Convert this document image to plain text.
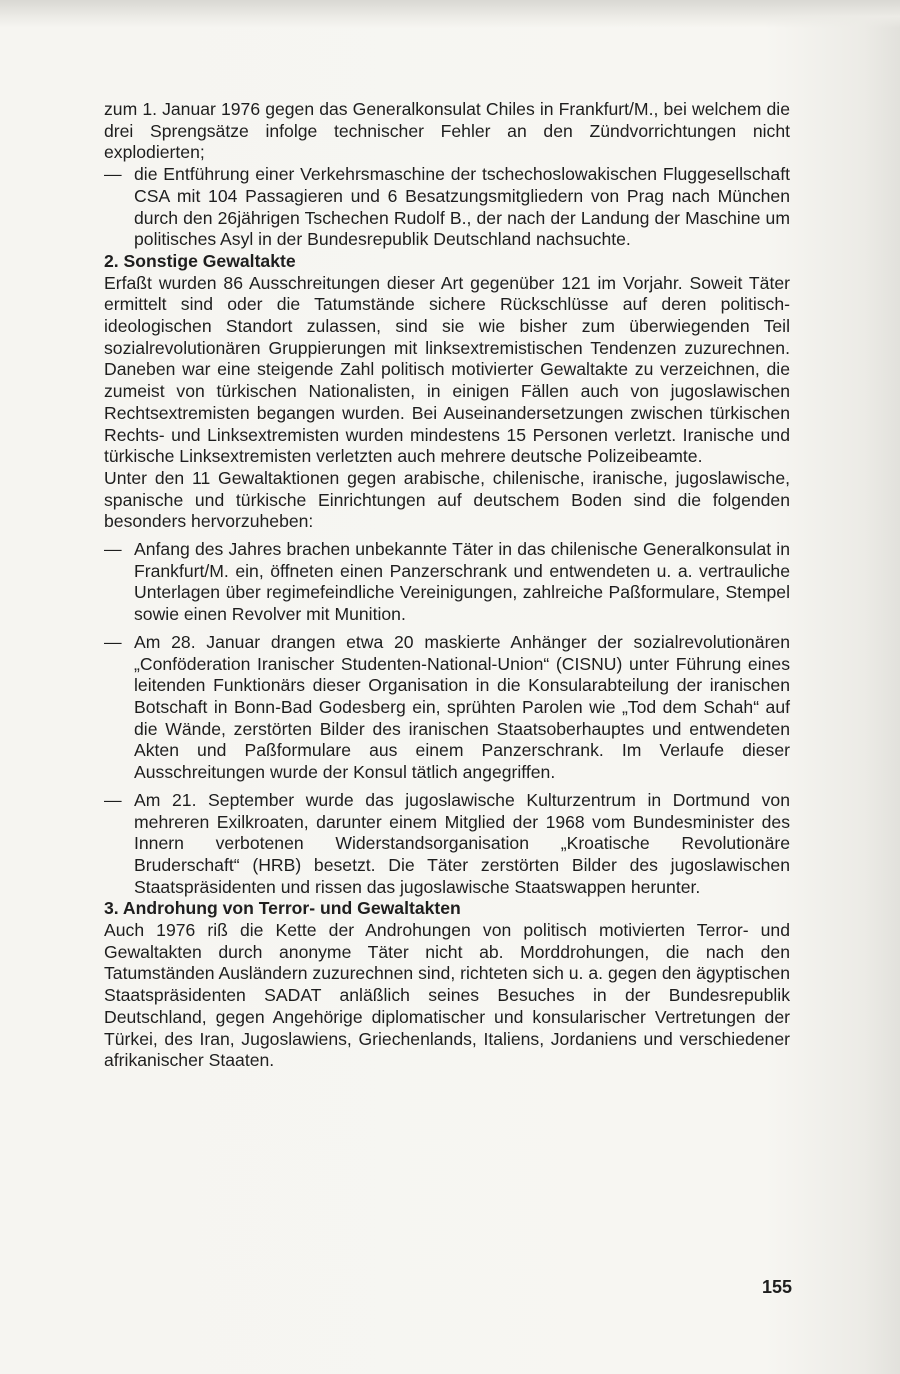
zum 1. Januar 1976 gegen das Generalkonsulat Chiles in Frankfurt/M., bei welchem die drei Sprengsätze infolge technischer Fehler an den Zündvorrichtungen nicht explodierten;

— die Entführung einer Verkehrsmaschine der tschechoslowakischen Fluggesellschaft CSA mit 104 Passagieren und 6 Besatzungsmitgliedern von Prag nach München durch den 26jährigen Tschechen Rudolf B., der nach der Landung der Maschine um politisches Asyl in der Bundesrepublik Deutschland nachsuchte.

2. Sonstige Gewaltakte

Erfaßt wurden 86 Ausschreitungen dieser Art gegenüber 121 im Vorjahr. Soweit Täter ermittelt sind oder die Tatumstände sichere Rückschlüsse auf deren politisch-ideologischen Standort zulassen, sind sie wie bisher zum überwiegenden Teil sozialrevolutionären Gruppierungen mit linksextremistischen Tendenzen zuzurechnen. Daneben war eine steigende Zahl politisch motivierter Gewaltakte zu verzeichnen, die zumeist von türkischen Nationalisten, in einigen Fällen auch von jugoslawischen Rechtsextremisten begangen wurden. Bei Auseinandersetzungen zwischen türkischen Rechts- und Linksextremisten wurden mindestens 15 Personen verletzt. Iranische und türkische Linksextremisten verletzten auch mehrere deutsche Polizeibeamte.

Unter den 11 Gewaltaktionen gegen arabische, chilenische, iranische, jugoslawische, spanische und türkische Einrichtungen auf deutschem Boden sind die folgenden besonders hervorzuheben:

— Anfang des Jahres brachen unbekannte Täter in das chilenische Generalkonsulat in Frankfurt/M. ein, öffneten einen Panzerschrank und entwendeten u. a. vertrauliche Unterlagen über regimefeindliche Vereinigungen, zahlreiche Paßformulare, Stempel sowie einen Revolver mit Munition.

— Am 28. Januar drangen etwa 20 maskierte Anhänger der sozialrevolutionären „Conföderation Iranischer Studenten-National-Union“ (CISNU) unter Führung eines leitenden Funktionärs dieser Organisation in die Konsularabteilung der iranischen Botschaft in Bonn-Bad Godesberg ein, sprühten Parolen wie „Tod dem Schah“ auf die Wände, zerstörten Bilder des iranischen Staatsoberhauptes und entwendeten Akten und Paßformulare aus einem Panzerschrank. Im Verlaufe dieser Ausschreitungen wurde der Konsul tätlich angegriffen.

— Am 21. September wurde das jugoslawische Kulturzentrum in Dortmund von mehreren Exilkroaten, darunter einem Mitglied der 1968 vom Bundesminister des Innern verbotenen Widerstandsorganisation „Kroatische Revolutionäre Bruderschaft“ (HRB) besetzt. Die Täter zerstörten Bilder des jugoslawischen Staatspräsidenten und rissen das jugoslawische Staatswappen herunter.

3. Androhung von Terror- und Gewaltakten

Auch 1976 riß die Kette der Androhungen von politisch motivierten Terror- und Gewaltakten durch anonyme Täter nicht ab. Morddrohungen, die nach den Tatumständen Ausländern zuzurechnen sind, richteten sich u. a. gegen den ägyptischen Staatspräsidenten SADAT anläßlich seines Besuches in der Bundesrepublik Deutschland, gegen Angehörige diplomatischer und konsularischer Vertretungen der Türkei, des Iran, Jugoslawiens, Griechenlands, Italiens, Jordaniens und verschiedener afrikanischer Staaten.

155
